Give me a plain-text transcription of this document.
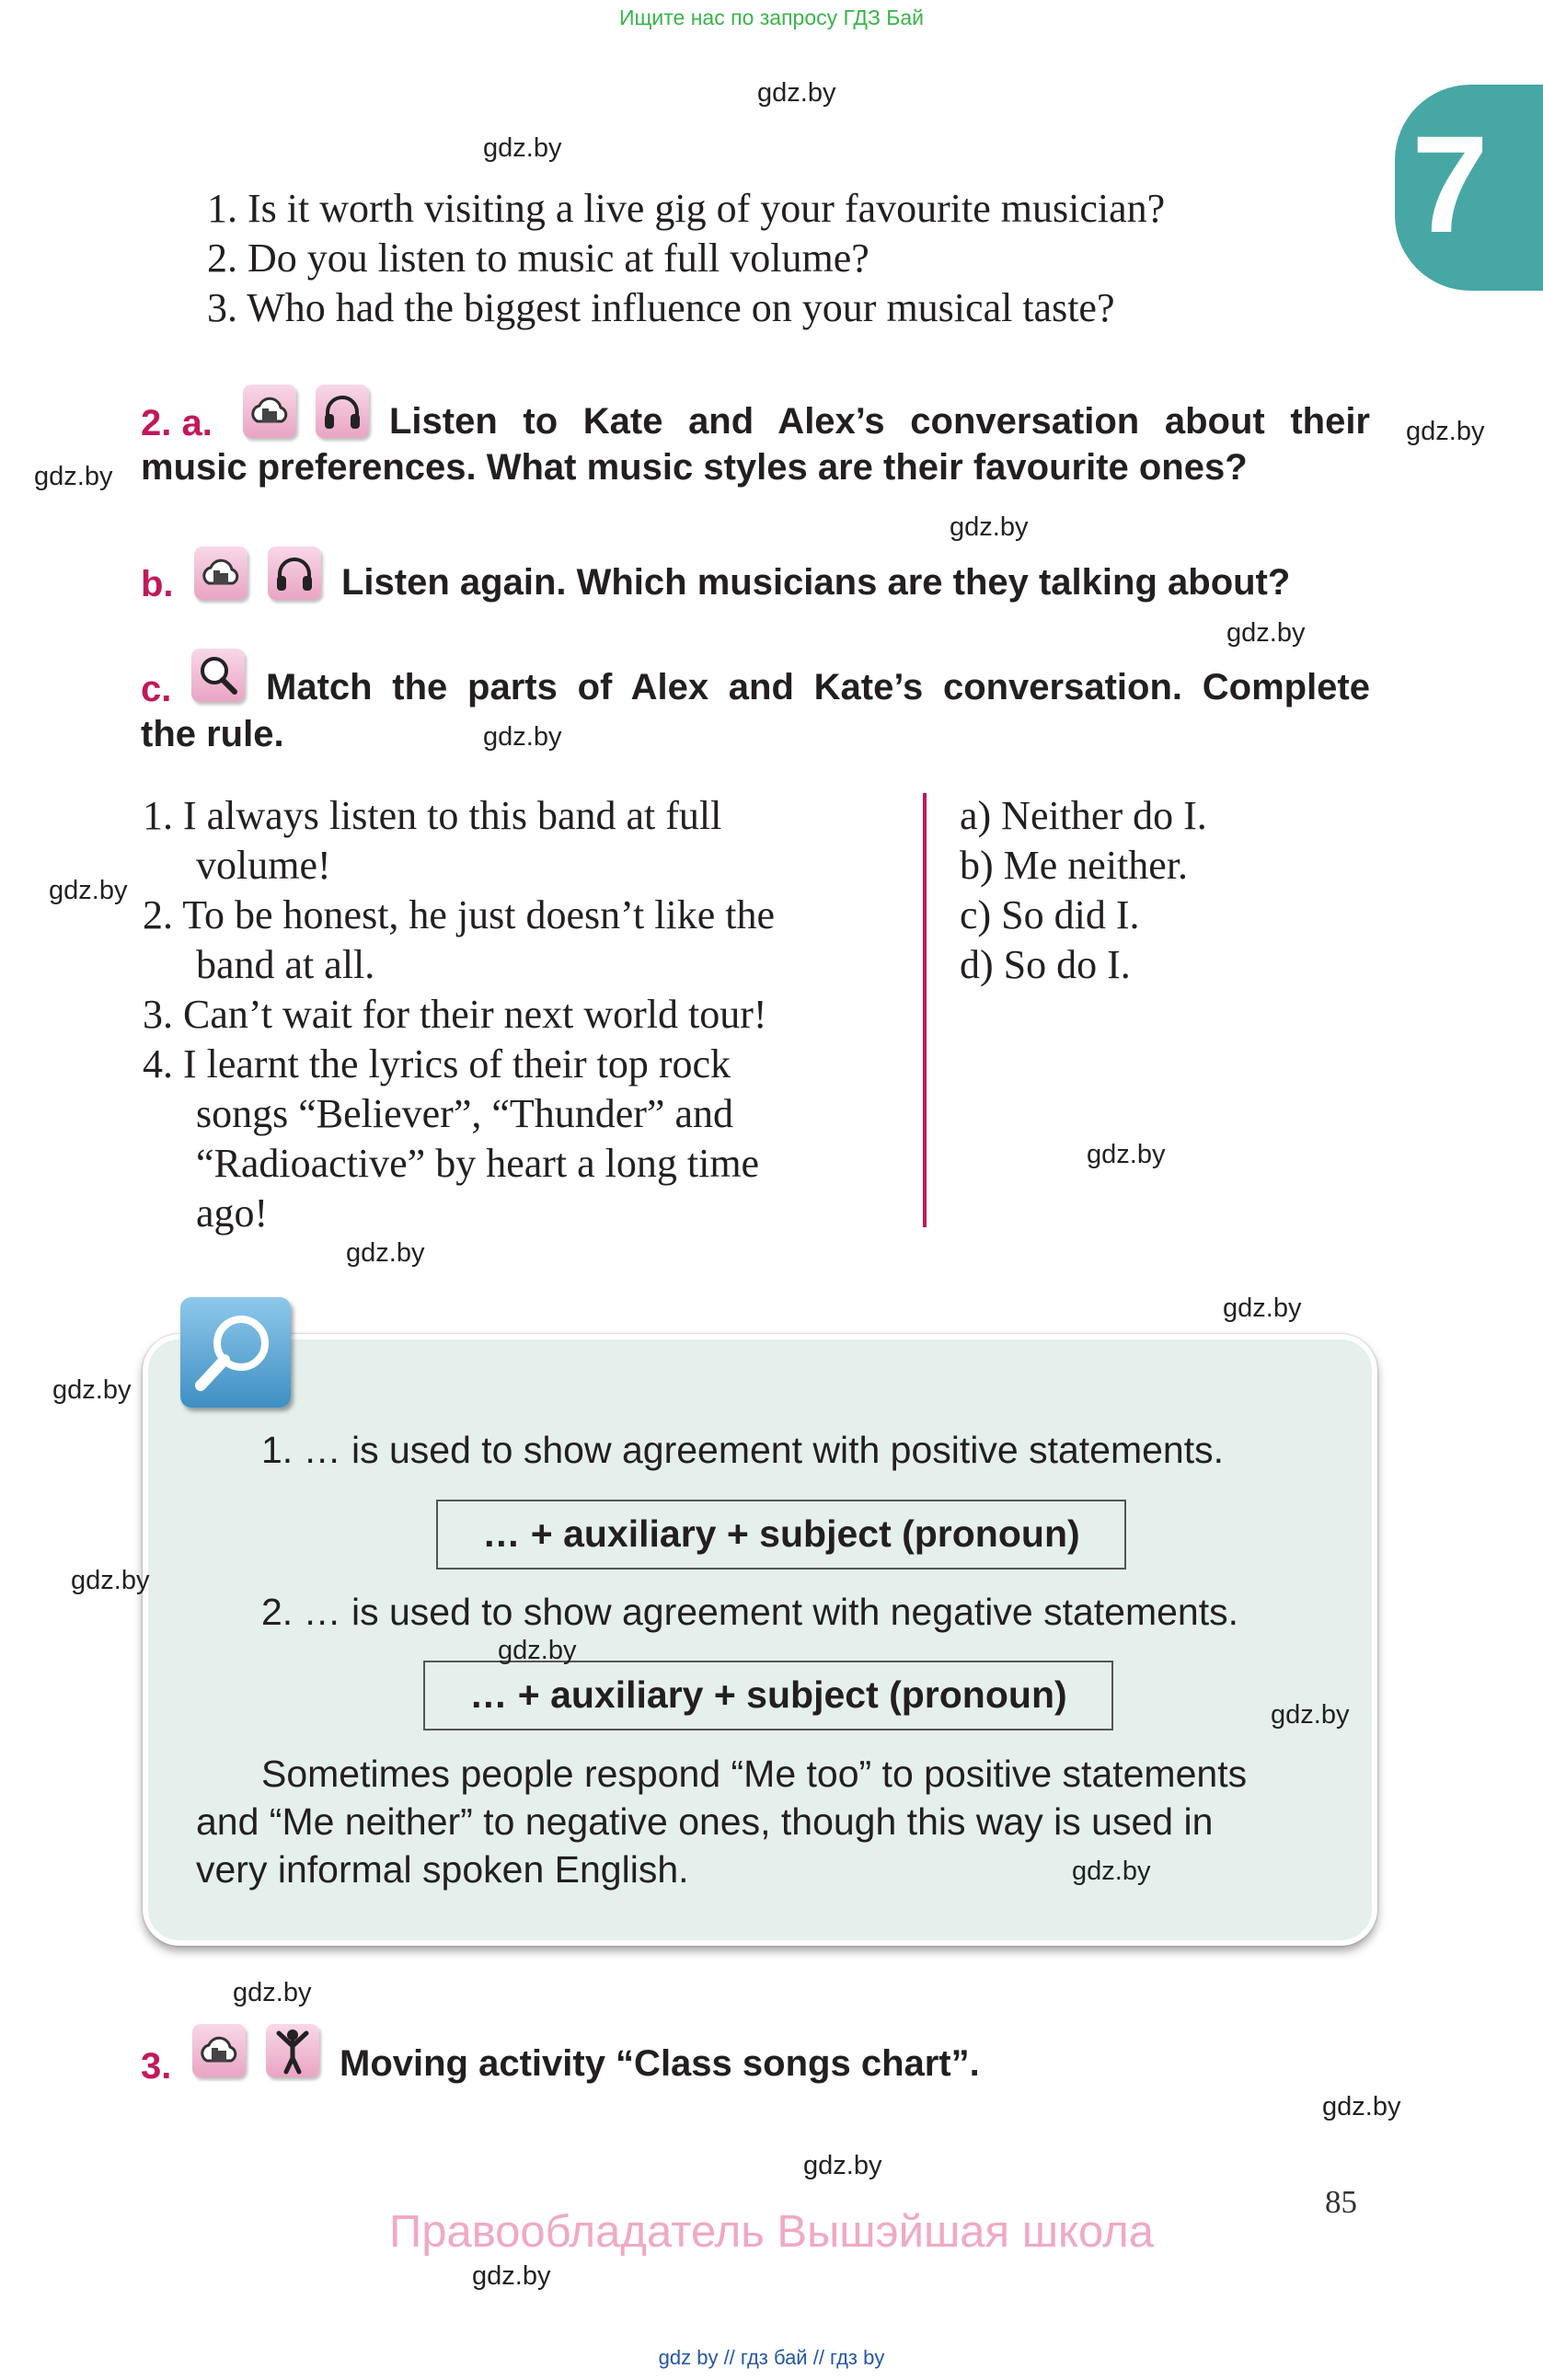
Ищите нас по запросу ГДЗ Бай
7
1. Is it worth visiting a live gig of your favourite musician?
2. Do you listen to music at full volume?
3. Who had the biggest influence on your musical taste?
2. a.	Listen to Kate and Alex’s conversation about their
music preferences. What music styles are their favourite ones?
b.	Listen again. Which musicians are they talking about?
c.	Match the parts of Alex and Kate’s conversation. Complete
the rule.
1. I always listen to this band at full
volume!
2. To be honest, he just doesn’t like the
band at all.
3. Can’t wait for their next world tour!
4. I learnt the lyrics of their top rock
songs “Believer”, “Thunder” and
“Radioactive” by heart a long time
ago!
a) Neither do I.
b) Me neither.
c) So did I.
d) So do I.
1. … is used to show agreement with positive statements.
… + auxiliary + subject (pronoun)
2. … is used to show agreement with negative statements.
… + auxiliary + subject (pronoun)
Sometimes people respond “Me too” to positive statements
and “Me neither” to negative ones, though this way is used in
very informal spoken English.
3.	Moving activity “Class songs chart”.
85
Правообладатель Вышэйшая школа
gdz by // гдз бай // гдз by
gdz.by
gdz.by
gdz.by
gdz.by
gdz.by
gdz.by
gdz.by
gdz.by
gdz.by
gdz.by
gdz.by
gdz.by
gdz.by
gdz.by
gdz.by
gdz.by
gdz.by
gdz.by
gdz.by
gdz.by
